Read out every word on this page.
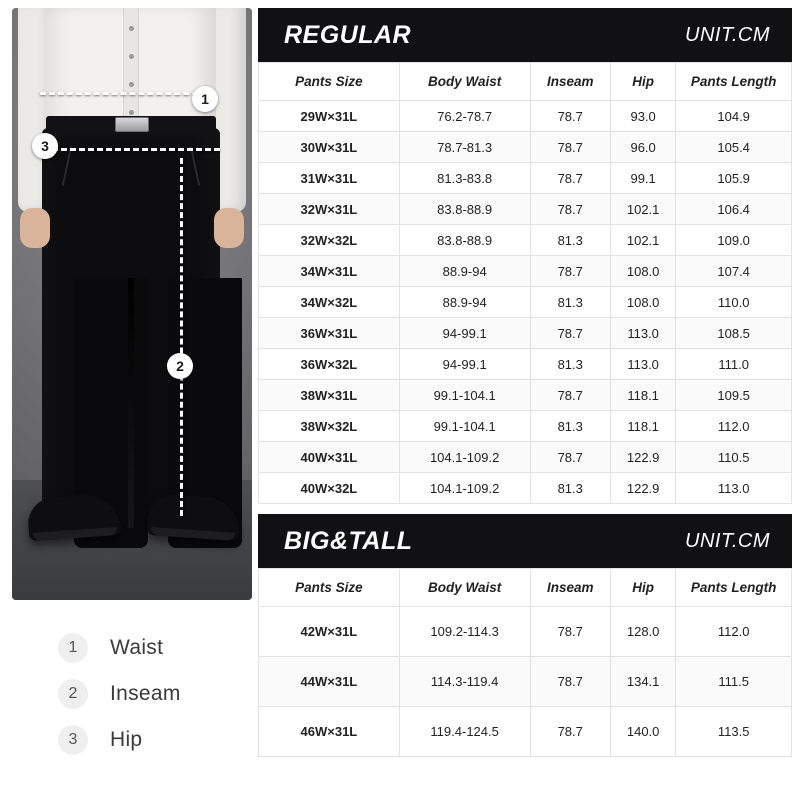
1
3
2
1	Waist
2	Inseam
3	Hip
REGULAR	UNIT.CM
Pants Size	Body Waist	Inseam	Hip	Pants Length
29W×31L	76.2-78.7	78.7	93.0	104.9
30W×31L	78.7-81.3	78.7	96.0	105.4
31W×31L	81.3-83.8	78.7	99.1	105.9
32W×31L	83.8-88.9	78.7	102.1	106.4
32W×32L	83.8-88.9	81.3	102.1	109.0
34W×31L	88.9-94	78.7	108.0	107.4
34W×32L	88.9-94	81.3	108.0	110.0
36W×31L	94-99.1	78.7	113.0	108.5
36W×32L	94-99.1	81.3	113.0	111.0
38W×31L	99.1-104.1	78.7	118.1	109.5
38W×32L	99.1-104.1	81.3	118.1	112.0
40W×31L	104.1-109.2	78.7	122.9	110.5
40W×32L	104.1-109.2	81.3	122.9	113.0
BIG&TALL	UNIT.CM
Pants Size	Body Waist	Inseam	Hip	Pants Length
42W×31L	109.2-114.3	78.7	128.0	112.0
44W×31L	114.3-119.4	78.7	134.1	111.5
46W×31L	119.4-124.5	78.7	140.0	113.5
